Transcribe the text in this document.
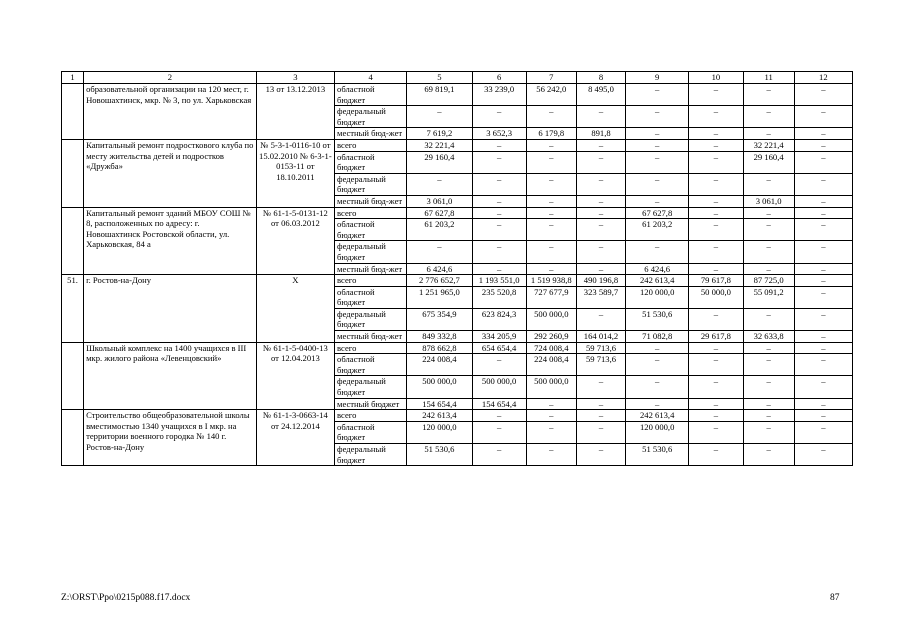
1	2	3	4	5	6	7	8	9	10	11	12
	образовательной организации на 120 мест, г. Новошахтинск, мкр. № 3, по ул. Харьковская	13 от 13.12.2013	областной бюджет	69 819,1	33 239,0	56 242,0	8 495,0	–	–	–	–
			федеральный бюджет	–	–	–	–	–	–	–	–
			местный бюд-жет	7 619,2	3 652,3	6 179,8	891,8	–	–	–	–
	Капитальный ремонт подросткового клуба по месту жительства детей и подростков «Дружба»	№ 5-3-1-0116-10 от 15.02.2010 № 6-3-1-0153-11 от 18.10.2011	всего	32 221,4	–	–	–	–	–	32 221,4	–
			областной бюджет	29 160,4	–	–	–	–	–	29 160,4	–
			федеральный бюджет	–	–	–	–	–	–	–	–
			местный бюд-жет	3 061,0	–	–	–	–	–	3 061,0	–
	Капитальный ремонт зданий МБОУ СОШ № 8, расположенных по адресу: г. Новошахтинск Ростовской области, ул. Харьковская, 84 а	№ 61-1-5-0131-12 от 06.03.2012	всего	67 627,8	–	–	–	67 627,8	–	–	–
			областной бюджет	61 203,2	–	–	–	61 203,2	–	–	–
			федеральный бюджет	–	–	–	–	–	–	–	–
			местный бюд-жет	6 424,6	–	–	–	6 424,6	–	–	–
51.	г. Ростов-на-Дону	X	всего	2 776 652,7	1 193 551,0	1 519 938,8	490 196,8	242 613,4	79 617,8	87 725,0	–
			областной бюджет	1 251 965,0	235 520,8	727 677,9	323 589,7	120 000,0	50 000,0	55 091,2	–
			федеральный бюджет	675 354,9	623 824,3	500 000,0	–	51 530,6	–	–	–
			местный бюд-жет	849 332,8	334 205,9	292 260,9	164 014,2	71 082,8	29 617,8	32 633,8	–
	Школьный комплекс на 1400 учащихся в III мкр. жилого района «Левенцовский»	№ 61-1-5-0400-13 от 12.04.2013	всего	878 662,8	654 654,4	724 008,4	59 713,6	–	–	–	–
			областной бюджет	224 008,4	–	224 008,4	59 713,6	–	–	–	–
			федеральный бюджет	500 000,0	500 000,0	500 000,0	–	–	–	–	–
			местный бюджет	154 654,4	154 654,4	–	–	–	–	–	–
	Строительство общеобразовательной школы вместимостью 1340 учащихся в I мкр. на территории военного городка № 140 г. Ростов-на-Дону	№ 61-1-3-0663-14 от 24.12.2014	всего	242 613,4	–	–	–	242 613,4	–	–	–
			областной бюджет	120 000,0	–	–	–	120 000,0	–	–	–
			федеральный бюджет	51 530,6	–	–	–	51 530,6	–	–	–
Z:\ORST\Ppo\0215p088.f17.docx	87
